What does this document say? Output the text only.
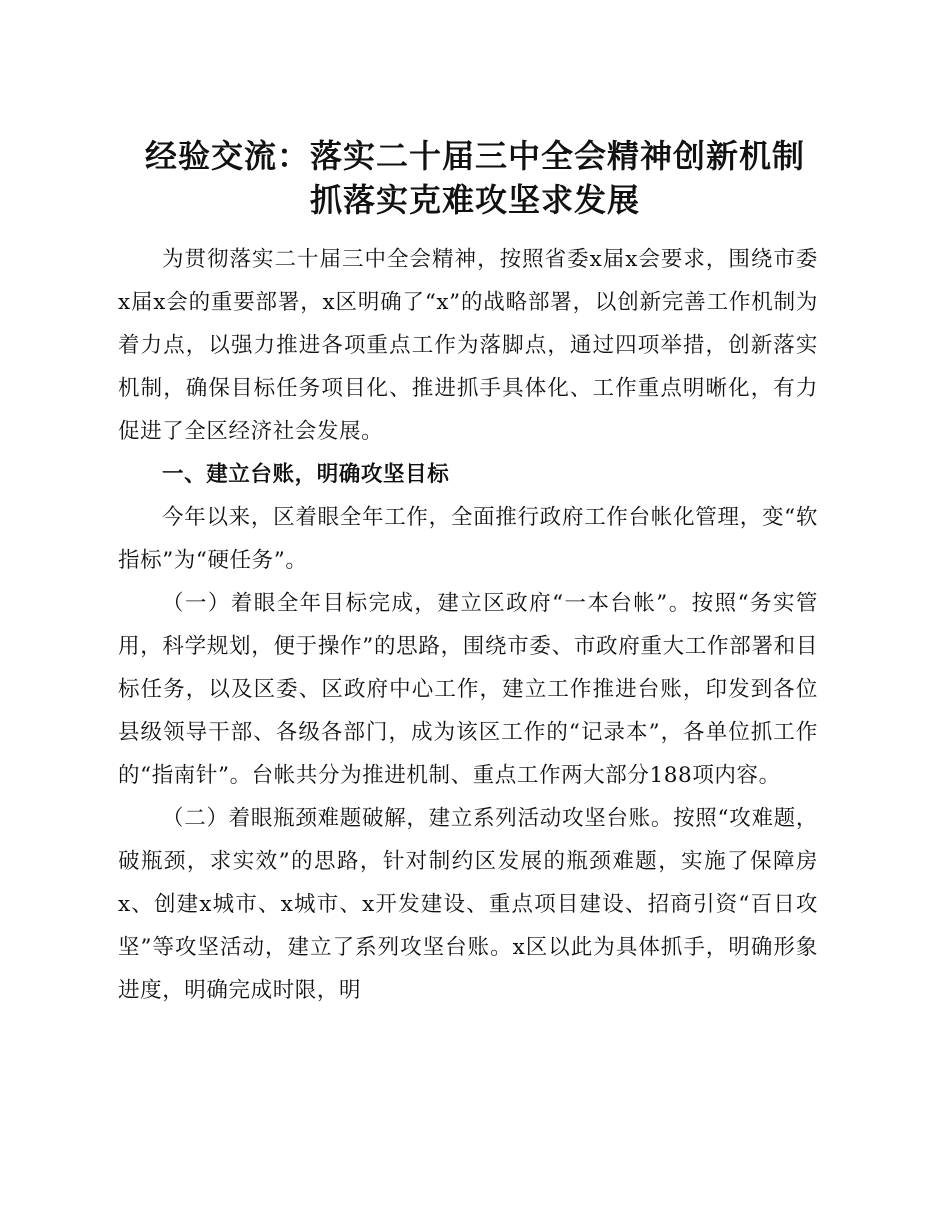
经验交流：落实二十届三中全会精神创新机制
抓落实克难攻坚求发展

为贯彻落实二十届三中全会精神，按照省委x届x会要求，围绕市委x届x会的重要部署，x区明确了“x”的战略部署，以创新完善工作机制为着力点，以强力推进各项重点工作为落脚点，通过四项举措，创新落实机制，确保目标任务项目化、推进抓手具体化、工作重点明晰化，有力促进了全区经济社会发展。

一、建立台账，明确攻坚目标

今年以来，区着眼全年工作，全面推行政府工作台帐化管理，变“软指标”为“硬任务”。

（一）着眼全年目标完成，建立区政府“一本台帐”。按照“务实管用，科学规划，便于操作”的思路，围绕市委、市政府重大工作部署和目标任务，以及区委、区政府中心工作，建立工作推进台账，印发到各位县级领导干部、各级各部门，成为该区工作的“记录本”，各单位抓工作的“指南针”。台帐共分为推进机制、重点工作两大部分188项内容。

（二）着眼瓶颈难题破解，建立系列活动攻坚台账。按照“攻难题，破瓶颈，求实效”的思路，针对制约区发展的瓶颈难题，实施了保障房x、创建x城市、x城市、x开发建设、重点项目建设、招商引资“百日攻坚”等攻坚活动，建立了系列攻坚台账。x区以此为具体抓手，明确形象进度，明确完成时限，明
